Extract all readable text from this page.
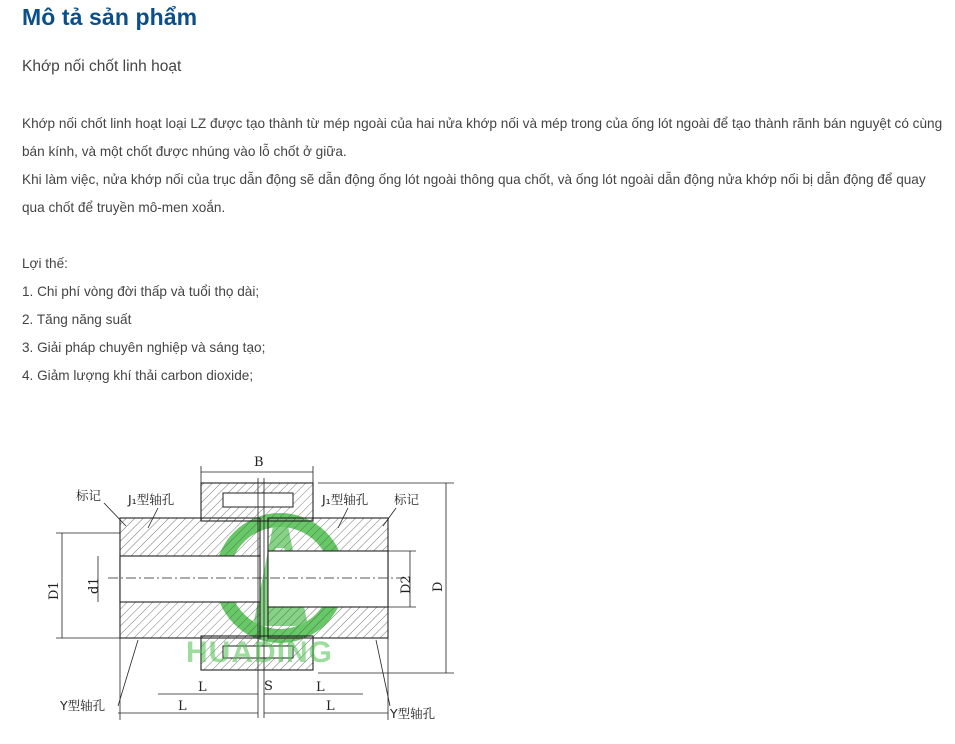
Mô tả sản phẩm
Khớp nối chốt linh hoạt
Khớp nối chốt linh hoạt loại LZ được tạo thành từ mép ngoài của hai nửa khớp nối và mép trong của ống lót ngoài để tạo thành rãnh bán nguyệt có cùng bán kính, và một chốt được nhúng vào lỗ chốt ở giữa.
Khi làm việc, nửa khớp nối của trục dẫn động sẽ dẫn động ống lót ngoài thông qua chốt, và ống lót ngoài dẫn động nửa khớp nối bị dẫn động để quay qua chốt để truyền mô-men xoắn.
Lợi thế:
1. Chi phí vòng đời thấp và tuổi thọ dài;
2. Tăng năng suất
3. Giải pháp chuyên nghiệp và sáng tạo;
4. Giảm lượng khí thải carbon dioxide;
B
D
D2
D1 d1
L	L
L	L
S
标记 J₁型轴孔	J₁型轴孔 标记
Y型轴孔
Y型轴孔
HUADING
